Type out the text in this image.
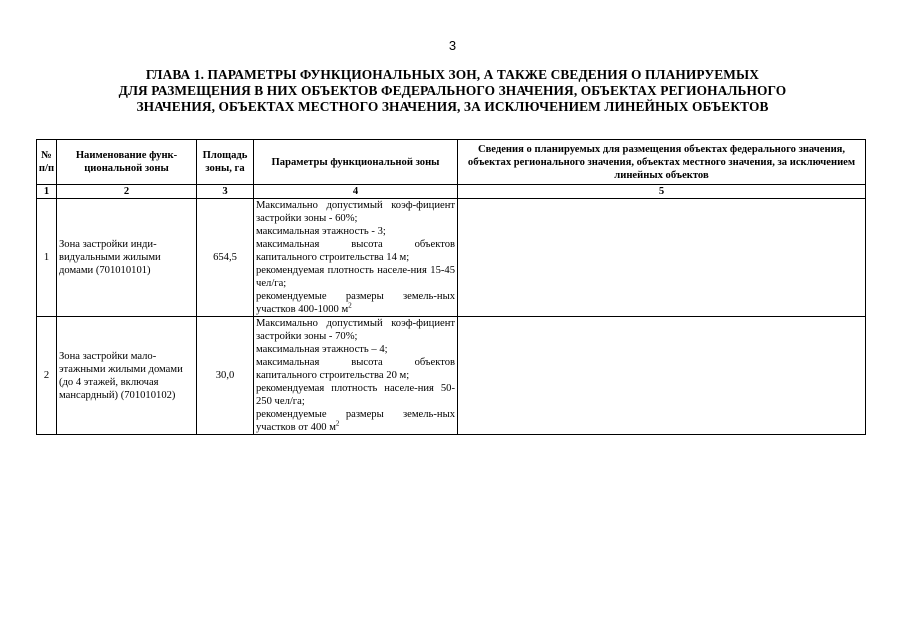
3
ГЛАВА 1. ПАРАМЕТРЫ ФУНКЦИОНАЛЬНЫХ ЗОН, А ТАКЖЕ СВЕДЕНИЯ О ПЛАНИРУЕМЫХ
ДЛЯ РАЗМЕЩЕНИЯ В НИХ ОБЪЕКТОВ ФЕДЕРАЛЬНОГО ЗНАЧЕНИЯ, ОБЪЕКТАХ РЕГИОНАЛЬНОГО
ЗНАЧЕНИЯ, ОБЪЕКТАХ МЕСТНОГО ЗНАЧЕНИЯ, ЗА ИСКЛЮЧЕНИЕМ ЛИНЕЙНЫХ ОБЪЕКТОВ
№ п/п	Наименование функ-циональной зоны	Площадь зоны, га	Параметры функциональной зоны	Сведения о планируемых для размещения объектах федерального значения, объектах регионального значения, объектах местного значения, за исключением линейных объектов
1	2	3	4	5
1	Зона застройки инди-видуальными жилыми домами (701010101)	654,5	Максимально допустимый коэф-фициент застройки зоны - 60%;
максимальная этажность - 3;
максимальная высота объектов капитального строительства 14 м;
рекомендуемая плотность населе-ния 15-45 чел/га;
рекомендуемые размеры земель-ных участков 400-1000 $м^2$

2	Зона застройки мало-этажными жилыми домами (до 4 этажей, включая мансардный) (701010102)	30,0	Максимально допустимый коэф-фициент застройки зоны - 70%;
максимальная этажность – 4;
максимальная высота объектов капитального строительства 20 м;
рекомендуемая плотность населе-ния 50-250 чел/га;
рекомендуемые размеры земель-ных участков от 400 $м^2$
